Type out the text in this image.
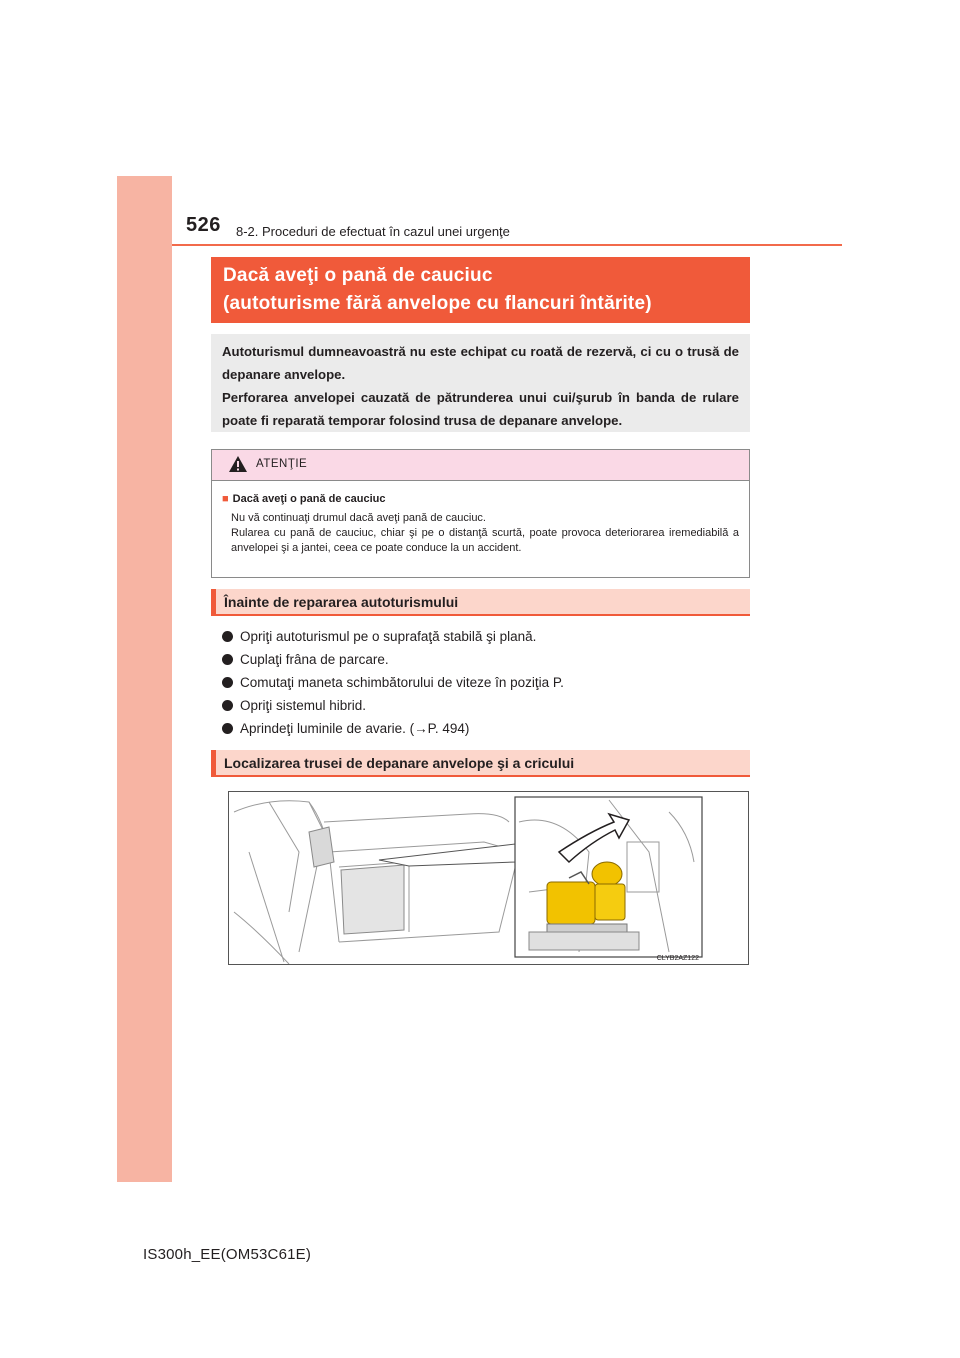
526 8-2. Proceduri de efectuat în cazul unei urgenţe
Dacă aveţi o pană de cauciuc
(autoturisme fără anvelope cu flancuri întărite)

Autoturismul dumneavoastră nu este echipat cu roată de rezervă, ci cu o trusă de depanare anvelope.

Perforarea anvelopei cauzată de pătrunderea unui cui/şurub în banda de rulare poate fi reparată temporar folosind trusa de depanare anvelope.

ATENŢIE
■ Dacă aveţi o pană de cauciuc
Nu vă continuaţi drumul dacă aveţi pană de cauciuc.
Rularea cu pană de cauciuc, chiar şi pe o distanţă scurtă, poate provoca deteriorarea iremediabilă a anvelopei şi a jantei, ceea ce poate conduce la un accident.
Înainte de repararea autoturismului
Opriţi autoturismul pe o suprafaţă stabilă şi plană.
Cuplaţi frâna de parcare.
Comutaţi maneta schimbătorului de viteze în poziţia P.
Opriţi sistemul hibrid.
Aprindeţi luminile de avarie. (→P. 494)
Localizarea trusei de depanare anvelope şi a cricului
CLYB2AZ122
IS300h_EE(OM53C61E)
